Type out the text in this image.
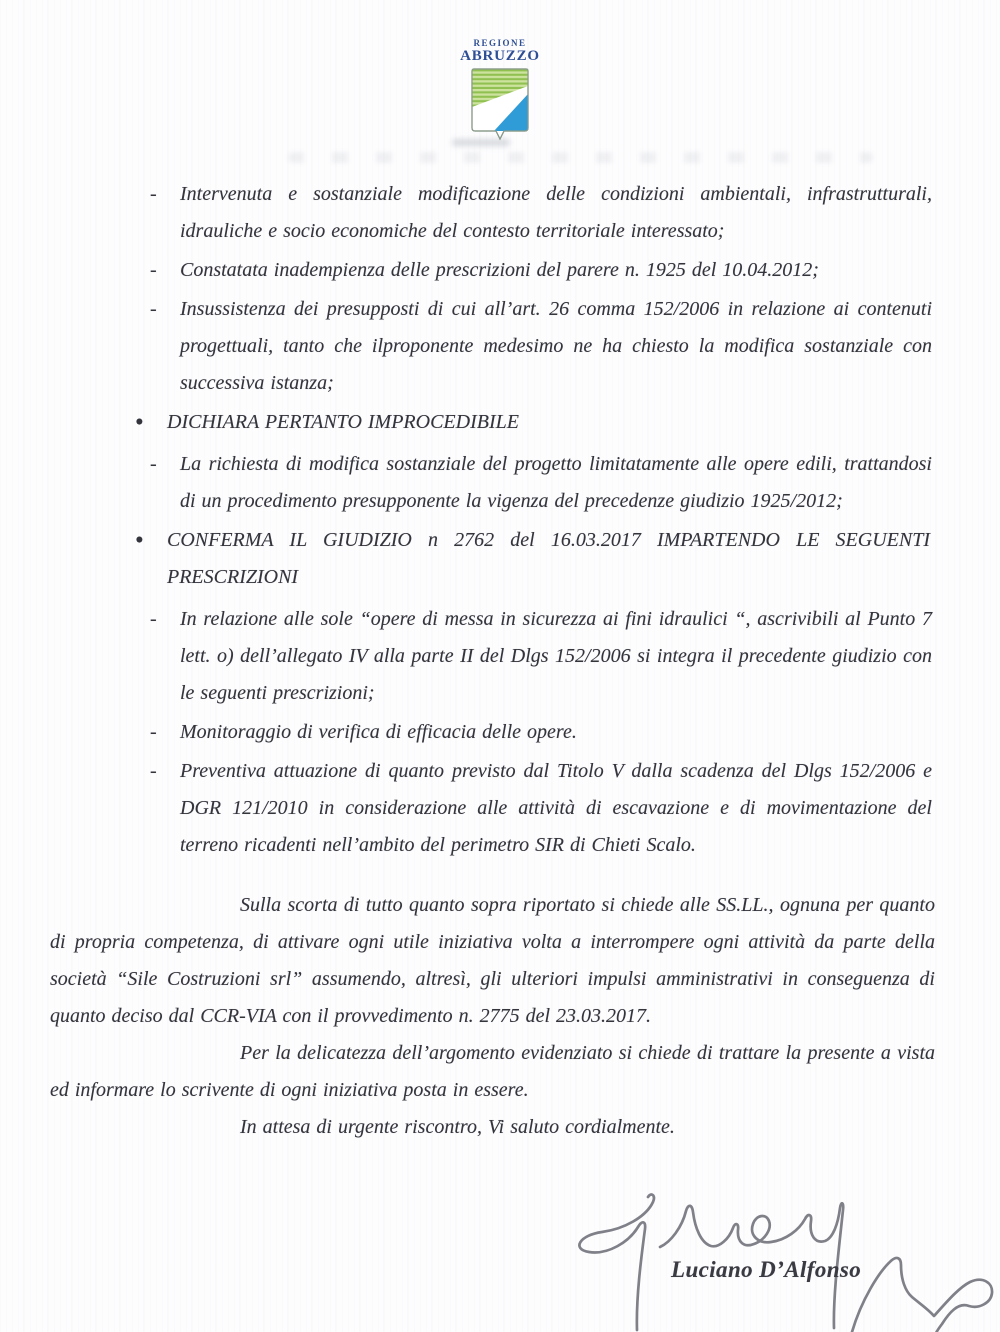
REGIONE
ABRUZZO
- Intervenuta e sostanziale modificazione delle condizioni ambientali, infrastrutturali, idrauliche e socio economiche del contesto territoriale interessato;
- Constatata inadempienza delle prescrizioni del parere n. 1925 del 10.04.2012;
- Insussistenza dei presupposti di cui all’art. 26 comma 152/2006 in relazione ai contenuti progettuali, tanto che ilproponente medesimo ne ha chiesto la modifica sostanziale con successiva istanza;
• DICHIARA PERTANTO IMPROCEDIBILE
- La richiesta di modifica sostanziale del progetto limitatamente alle opere edili, trattandosi di un procedimento presupponente la vigenza del precedenze giudizio 1925/2012;
• CONFERMA IL GIUDIZIO n 2762 del 16.03.2017 IMPARTENDO LE SEGUENTI PRESCRIZIONI
- In relazione alle sole “opere di messa in sicurezza ai fini idraulici “, ascrivibili al Punto 7 lett. o) dell’allegato IV alla parte II del Dlgs 152/2006 si integra il precedente giudizio con le seguenti prescrizioni;
- Monitoraggio di verifica di efficacia delle opere.
- Preventiva attuazione di quanto previsto dal Titolo V dalla scadenza del Dlgs 152/2006 e DGR 121/2010 in considerazione alle attività di escavazione e di movimentazione del terreno ricadenti nell’ambito del perimetro SIR di Chieti Scalo.

Sulla scorta di tutto quanto sopra riportato si chiede alle SS.LL., ognuna per quanto di propria competenza, di attivare ogni utile iniziativa volta a interrompere ogni attività da parte della società “Sile Costruzioni srl” assumendo, altresì, gli ulteriori impulsi amministrativi in conseguenza di quanto deciso dal CCR-VIA con il provvedimento n. 2775 del 23.03.2017.

Per la delicatezza dell’argomento evidenziato si chiede di trattare la presente a vista ed informare lo scrivente di ogni iniziativa posta in essere.

In attesa di urgente riscontro, Vi saluto cordialmente.

Luciano D’Alfonso
